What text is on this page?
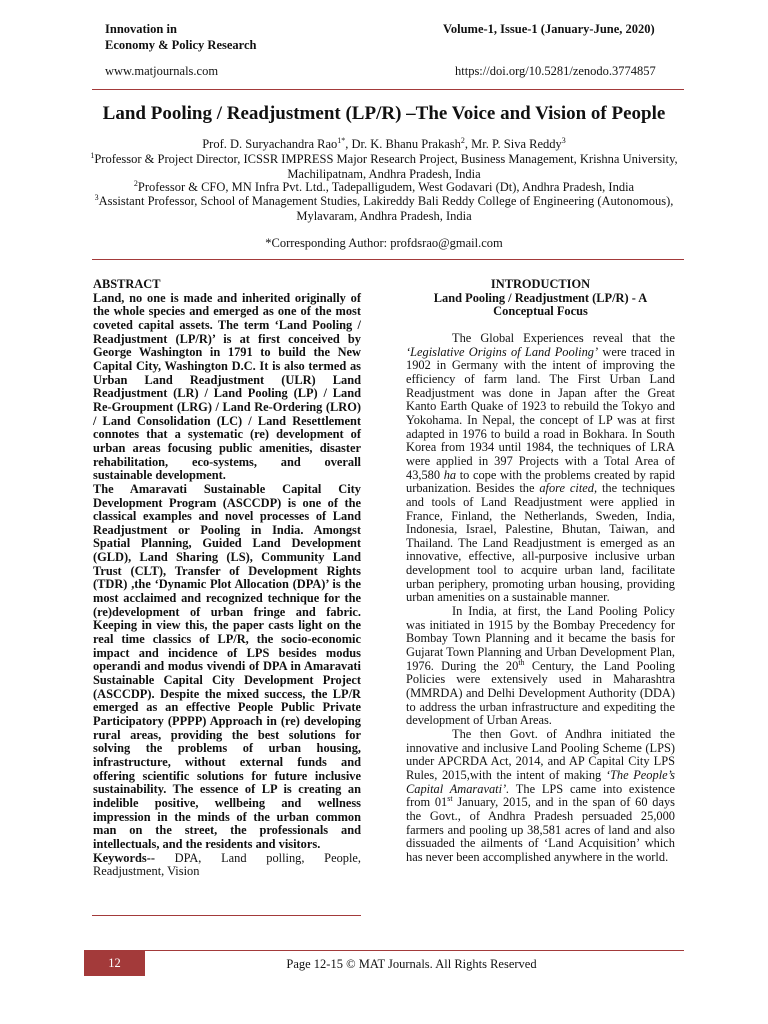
Innovation in
Economy & Policy Research
Volume-1, Issue-1 (January-June, 2020)
www.matjournals.com	https://doi.org/10.5281/zenodo.3774857
Land Pooling / Readjustment (LP/R) –The Voice and Vision of People
Prof. D. Suryachandra Rao$^{1*}$, Dr. K. Bhanu Prakash$^2$, Mr. P. Siva Reddy$^3$
$^1$Professor & Project Director, ICSSR IMPRESS Major Research Project, Business Management, Krishna University, Machilipatnam, Andhra Pradesh, India
$^2$Professor & CFO, MN Infra Pvt. Ltd., Tadepalligudem, West Godavari (Dt), Andhra Pradesh, India
$^3$Assistant Professor, School of Management Studies, Lakireddy Bali Reddy College of Engineering (Autonomous), Mylavaram, Andhra Pradesh, India
*Corresponding Author: profdsrao@gmail.com

ABSTRACT

Land, no one is made and inherited originally of the whole species and emerged as one of the most coveted capital assets. The term ‘Land Pooling / Readjustment (LP/R)’ is at first conceived by George Washington in 1791 to build the New Capital City, Washington D.C. It is also termed as Urban Land Readjustment (ULR) Land Readjustment (LR) / Land Pooling (LP) / Land Re-Groupment (LRG) / Land Re-Ordering (LRO) / Land Consolidation (LC) / Land Resettlement connotes that a systematic (re) development of urban areas focusing public amenities, disaster rehabilitation, eco-systems, and overall sustainable development.

The Amaravati Sustainable Capital City Development Program (ASCCDP) is one of the classical examples and novel processes of Land Readjustment or Pooling in India. Amongst Spatial Planning, Guided Land Development (GLD), Land Sharing (LS), Community Land Trust (CLT), Transfer of Development Rights (TDR) ,the ‘Dynamic Plot Allocation (DPA)’ is the most acclaimed and recognized technique for the (re)development of urban fringe and fabric. Keeping in view this, the paper casts light on the real time classics of LP/R, the socio-economic impact and incidence of LPS besides modus operandi and modus vivendi of DPA in Amaravati Sustainable Capital City Development Project (ASCCDP). Despite the mixed success, the LP/R emerged as an effective People Public Private Participatory (PPPP) Approach in (re) developing rural areas, providing the best solutions for solving the problems of urban housing, infrastructure, without external funds and offering scientific solutions for future inclusive sustainability. The essence of LP is creating an indelible positive, wellbeing and wellness impression in the minds of the urban common man on the street, the professionals and intellectuals, and the residents and visitors.

Keywords-- DPA, Land polling, People, Readjustment, Vision

INTRODUCTION

Land Pooling / Readjustment (LP/R) - A Conceptual Focus

The Global Experiences reveal that the ‘Legislative Origins of Land Pooling’ were traced in 1902 in Germany with the intent of improving the efficiency of farm land. The First Urban Land Readjustment was done in Japan after the Great Kanto Earth Quake of 1923 to rebuild the Tokyo and Yokohama. In Nepal, the concept of LP was at first adapted in 1976 to build a road in Bokhara. In South Korea from 1934 until 1984, the techniques of LRA were applied in 397 Projects with a Total Area of 43,580 ha to cope with the problems created by rapid urbanization. Besides the afore cited, the techniques and tools of Land Readjustment were applied in France, Finland, the Netherlands, Sweden, India, Indonesia, Israel, Palestine, Bhutan, Taiwan, and Thailand. The Land Readjustment is emerged as an innovative, effective, all-purposive inclusive urban development tool to acquire urban land, facilitate urban periphery, promoting urban housing, providing urban amenities on a sustainable manner.

In India, at first, the Land Pooling Policy was initiated in 1915 by the Bombay Precedency for Bombay Town Planning and it became the basis for Gujarat Town Planning and Urban Development Plan, 1976. During the 20th Century, the Land Pooling Policies were extensively used in Maharashtra (MMRDA) and Delhi Development Authority (DDA) to address the urban infrastructure and expediting the development of Urban Areas.

The then Govt. of Andhra initiated the innovative and inclusive Land Pooling Scheme (LPS) under APCRDA Act, 2014, and AP Capital City LPS Rules, 2015,with the intent of making ‘The People’s Capital Amaravati’. The LPS came into existence from 01st January, 2015, and in the span of 60 days the Govt., of Andhra Pradesh persuaded 25,000 farmers and pooling up 38,581 acres of land and also dissuaded the ailments of ‘Land Acquisition’ which has never been accomplished anywhere in the world.

12	Page 12-15 © MAT Journals. All Rights Reserved
